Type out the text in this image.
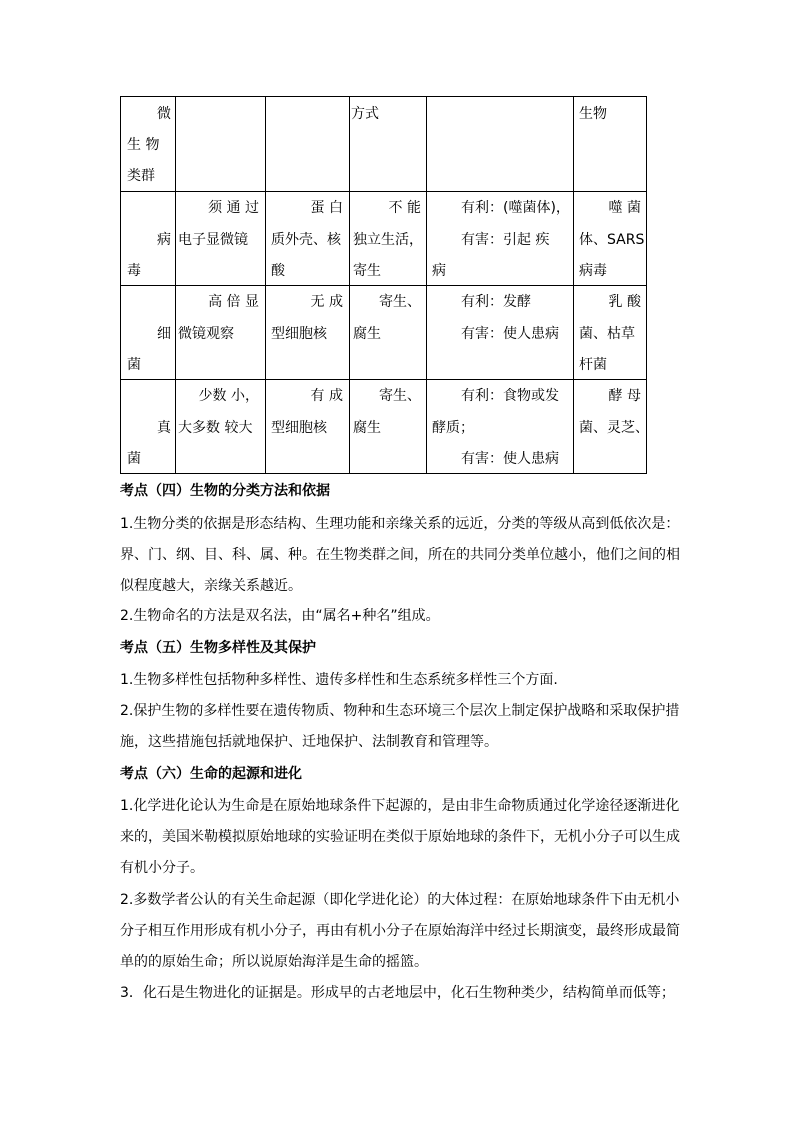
微
生 物
类群
方式	生物
病
毒
须 通 过
电子显微镜
蛋 白
质外壳、核
酸
不 能
独立生活，
寄生
有利：(噬菌体)，
有害：引起 疾
病
噬 菌
体、SARS
病毒
细
菌
高 倍 显
微镜观察
无 成
型细胞核
寄生、
腐生
有利：发酵
有害：使人患病
乳 酸
菌、枯草
杆菌
真
菌
少数 小，
大多数 较大
有 成
型细胞核
寄生、
腐生
有利：食物或发
酵质；
有害：使人患病
酵 母
菌、灵芝、
考点（四）生物的分类方法和依据
1.生物分类的依据是形态结构、生理功能和亲缘关系的远近，分类的等级从高到低依次是：
界、门、纲、目、科、属、种。在生物类群之间，所在的共同分类单位越小，他们之间的相
似程度越大，亲缘关系越近。
2.生物命名的方法是双名法，由“属名+种名”组成。
考点（五）生物多样性及其保护
1.生物多样性包括物种多样性、遗传多样性和生态系统多样性三个方面.
2.保护生物的多样性要在遗传物质、物种和生态环境三个层次上制定保护战略和采取保护措
施，这些措施包括就地保护、迁地保护、法制教育和管理等。
考点（六）生命的起源和进化
1.化学进化论认为生命是在原始地球条件下起源的，是由非生命物质通过化学途径逐渐进化
来的，美国米勒模拟原始地球的实验证明在类似于原始地球的条件下，无机小分子可以生成
有机小分子。
2.多数学者公认的有关生命起源（即化学进化论）的大体过程：在原始地球条件下由无机小
分子相互作用形成有机小分子，再由有机小分子在原始海洋中经过长期演变，最终形成最简
单的的原始生命；所以说原始海洋是生命的摇篮。
3．化石是生物进化的证据是。形成早的古老地层中，化石生物种类少，结构简单而低等；
